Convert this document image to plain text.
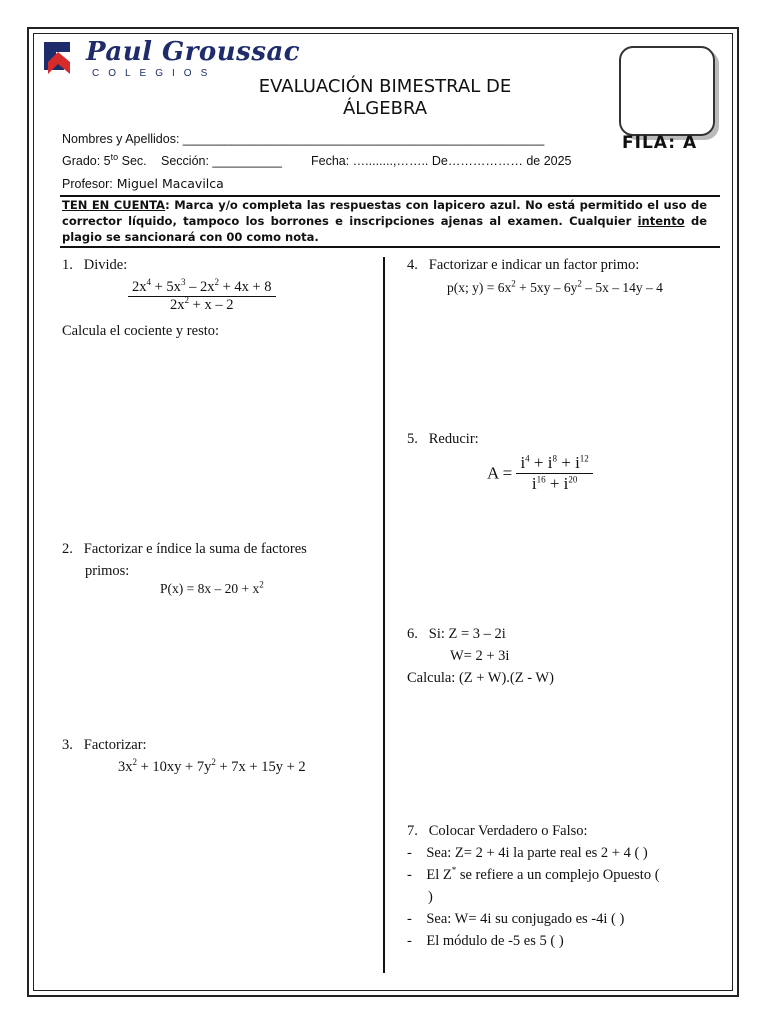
Paul Groussac
COLEGIOS
EVALUACIÓN BIMESTRAL DE
ÁLGEBRA
FILA: A
Nombres y Apellidos: ____________________________________________________
Grado: $5^{to}$ Sec. Sección: __________ Fecha: …........,…….. De……………… de 2025
Profesor: Miguel Macavilca
TEN EN CUENTA: Marca y/o completa las respuestas con lapicero azul. No está permitido el uso de corrector líquido, tampoco los borrones e inscripciones ajenas al examen. Cualquier intento de plagio se sancionará con 00 como nota.
1. Divide:
$\frac{2x^4 + 5x^3 - 2x^2 + 4x + 8}{2x^2 + x - 2}$
Calcula el cociente y resto:
2. Factorizar e índice la suma de factores
primos:
$P(x) = 8x - 20 + x^2$
3. Factorizar:
$3x^2 + 10xy + 7y^2 + 7x + 15y + 2$
4. Factorizar e indicar un factor primo:
p(x; $y) = 6x^2 + 5xy - 6y^2 - 5x - 14y - 4$
5. Reducir:
$A = \frac{i^4 + i^8 + i^{12}}{i^{16} + i^{20}}$
6. Si: Z = 3 – 2i
W= 2 + 3i
Calcula: (Z + W).(Z - W)
7. Colocar Verdadero o Falso:
- Sea: Z= 2 + 4i la parte real es 2 + 4 ( )
- El Z* se refiere a un complejo Opuesto (
)
- Sea: W= 4i su conjugado es -4i ( )
- El módulo de -5 es 5 ( )
